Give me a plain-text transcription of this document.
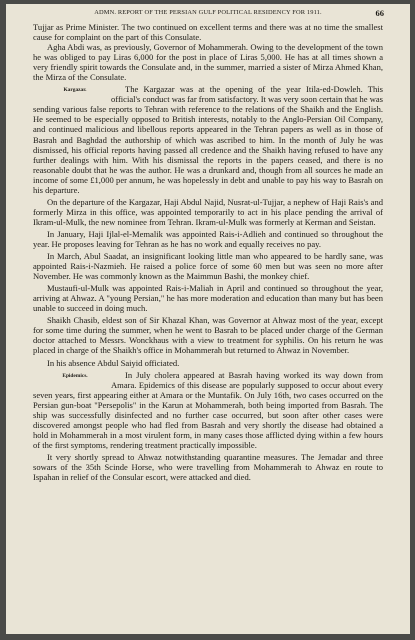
ADMN. REPORT OF THE PERSIAN GULF POLITICAL RESIDENCY FOR 1911.	66

Tujjar as Prime Minister. The two continued on excellent terms and there was at no time the smallest cause for complaint on the part of this Consulate.

Agha Abdi was, as previously, Governor of Mohammerah. Owing to the development of the town he was obliged to pay Liras 6,000 for the post in place of Liras 5,000. He has at all times shown a very friendly spirit towards the Consulate and, in the summer, married a sister of Mirza Ahmed Khan, the Mirza of the Consulate.

Kargazar.	The Kargazar was at the opening of the year Itila-ed-Dowleh. This official's conduct was far from satisfactory. It was very soon certain that he was sending various false reports to Tehran with reference to the relations of the Shaikh and the English. He seemed to be especially opposed to British interests, notably to the Anglo-Persian Oil Company, and continued malicious and libellous reports appeared in the Tehran papers as well as in those of Basrah and Baghdad the authorship of which was ascribed to him. In the month of July he was dismissed, his official reports having passed all credence and the Shaikh having refused to have any further dealings with him. With his dismissal the reports in the papers ceased, and there is no reasonable doubt that he was the author. He was a drunkard and, though from all sources he made an income of some £1,000 per annum, he was hopelessly in debt and unable to pay his way to Basrah on his departure.

On the departure of the Kargazar, Haji Abdul Najid, Nusrat-ul-Tujjar, a nephew of Haji Rais's and formerly Mirza in this office, was appointed temporarily to act in his place pending the arrival of Ikram-ul-Mulk, the new nominee from Tehran. Ikram-ul-Mulk was formerly at Kerman and Seistan.

In January, Haji Ijlal-el-Memalik was appointed Rais-i-Adlieh and continued so throughout the year. He proposes leaving for Tehran as he has no work and equally receives no pay.

In March, Abul Saadat, an insignificant looking little man who appeared to be hardly sane, was appointed Rais-i-Nazmieh. He raised a police force of some 60 men but was seen no more after November. He was commonly known as the Maimmun Bashi, the monkey chief.

Mustaufi-ul-Mulk was appointed Rais-i-Maliah in April and continued so throughout the year, arriving at Ahwaz. A "young Persian," he has more moderation and education than many but has been unable to succeed in doing much.

Shaikh Chasib, eldest son of Sir Khazal Khan, was Governor at Ahwaz most of the year, except for some time during the summer, when he went to Basrah to be placed under charge of the German doctor attached to Messrs. Wonckhaus with a view to treatment for syphilis. On his return he was placed in charge of the Shaikh's office in Mohammerah but returned to Ahwaz in November.

In his absence Abdul Saiyid officiated.

Epidemics.	In July cholera appeared at Basrah having worked its way down from Amara. Epidemics of this disease are popularly supposed to occur about every seven years, first appearing either at Amara or the Muntafik. On July 16th, two cases occurred on the Persian gun-boat "Persepolis" in the Karun at Mohammerah, both being imported from Basrah. The ship was successfully disinfected and no further case occurred, but soon after other cases were discovered amongst people who had fled from Basrah and very shortly the disease had obtained a hold in Mohammerah in a most virulent form, in many cases those afflicted dying within a few hours of the first symptoms, rendering treatment practically impossible.

It very shortly spread to Ahwaz notwithstanding quarantine measures. The Jemadar and three sowars of the 35th Scinde Horse, who were travelling from Mohammerah to Ahwaz en route to Ispahan in relief of the Consular escort, were attacked and died.
